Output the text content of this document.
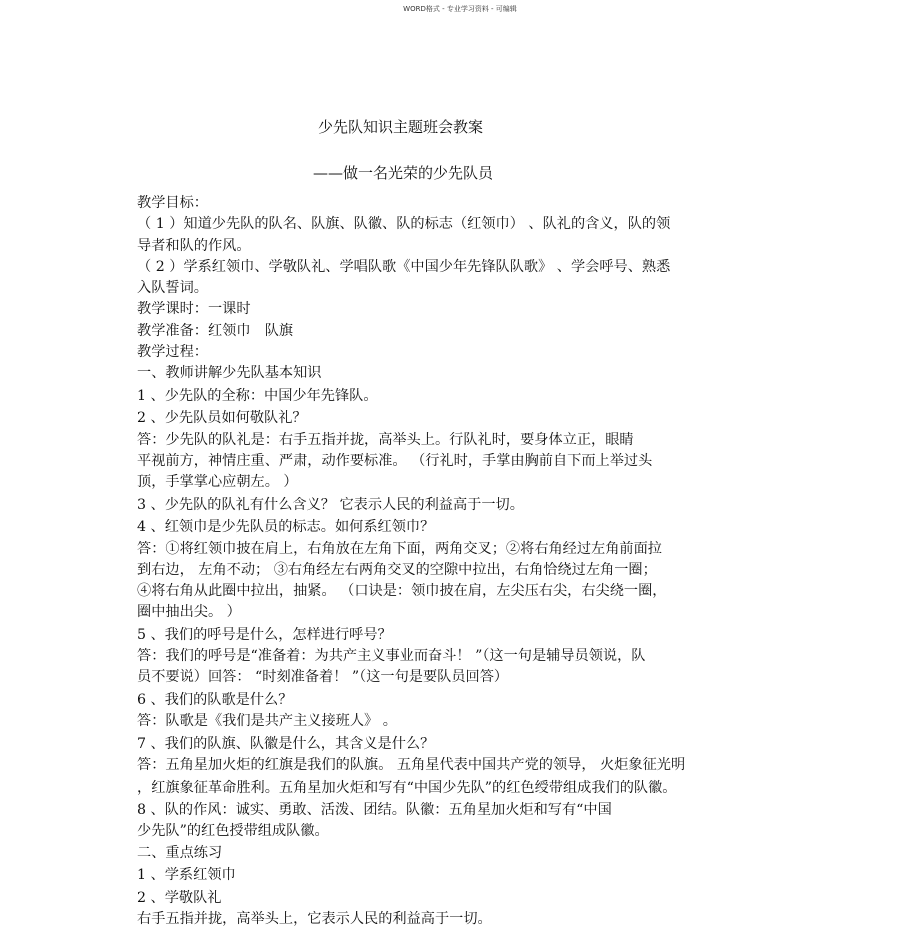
WORD格式 - 专业学习资料 - 可编辑
少先队知识主题班会教案
——做一名光荣的少先队员
教学目标：
（ 1 ）知道少先队的队名、队旗、队徽、队的标志（红领巾） 、队礼的含义，队的领
导者和队的作风。
（ 2 ）学系红领巾、学敬队礼、学唱队歌《中国少年先锋队队歌》 、学会呼号、熟悉
入队誓词。
教学课时：一课时
教学准备：红领巾　队旗
教学过程：
一、教师讲解少先队基本知识
1 、少先队的全称：中国少年先锋队。
2 、少先队员如何敬队礼？
答：少先队的队礼是：右手五指并拢，高举头上。行队礼时，要身体立正，眼睛
平视前方，神情庄重、严肃，动作要标准。 （行礼时，手掌由胸前自下而上举过头
顶，手掌掌心应朝左。 ）
3 、少先队的队礼有什么含义？ 它表示人民的利益高于一切。
4 、红领巾是少先队员的标志。如何系红领巾？
答：①将红领巾披在肩上，右角放在左角下面，两角交叉；②将右角经过左角前面拉
到右边， 左角不动； ③右角经左右两角交叉的空隙中拉出，右角恰绕过左角一圈；
④将右角从此圈中拉出，抽紧。 （口诀是：领巾披在肩，左尖压右尖，右尖绕一圈，
圈中抽出尖。 ）
5 、我们的呼号是什么，怎样进行呼号？
答：我们的呼号是“准备着：为共产主义事业而奋斗！ ”（这一句是辅导员领说，队
员不要说）回答： “时刻准备着！ ”（这一句是要队员回答）
6 、我们的队歌是什么？
答：队歌是《我们是共产主义接班人》 。
7 、我们的队旗、队徽是什么，其含义是什么？
答：五角星加火炬的红旗是我们的队旗。 五角星代表中国共产党的领导， 火炬象征光明
，红旗象征革命胜利。五角星加火炬和写有“中国少先队”的红色绶带组成我们的队徽。
8 、队的作风：诚实、勇敢、活泼、团结。队徽：五角星加火炬和写有“中国
少先队”的红色授带组成队徽。
二、重点练习
1 、学系红领巾
2 、学敬队礼
右手五指并拢，高举头上，它表示人民的利益高于一切。
